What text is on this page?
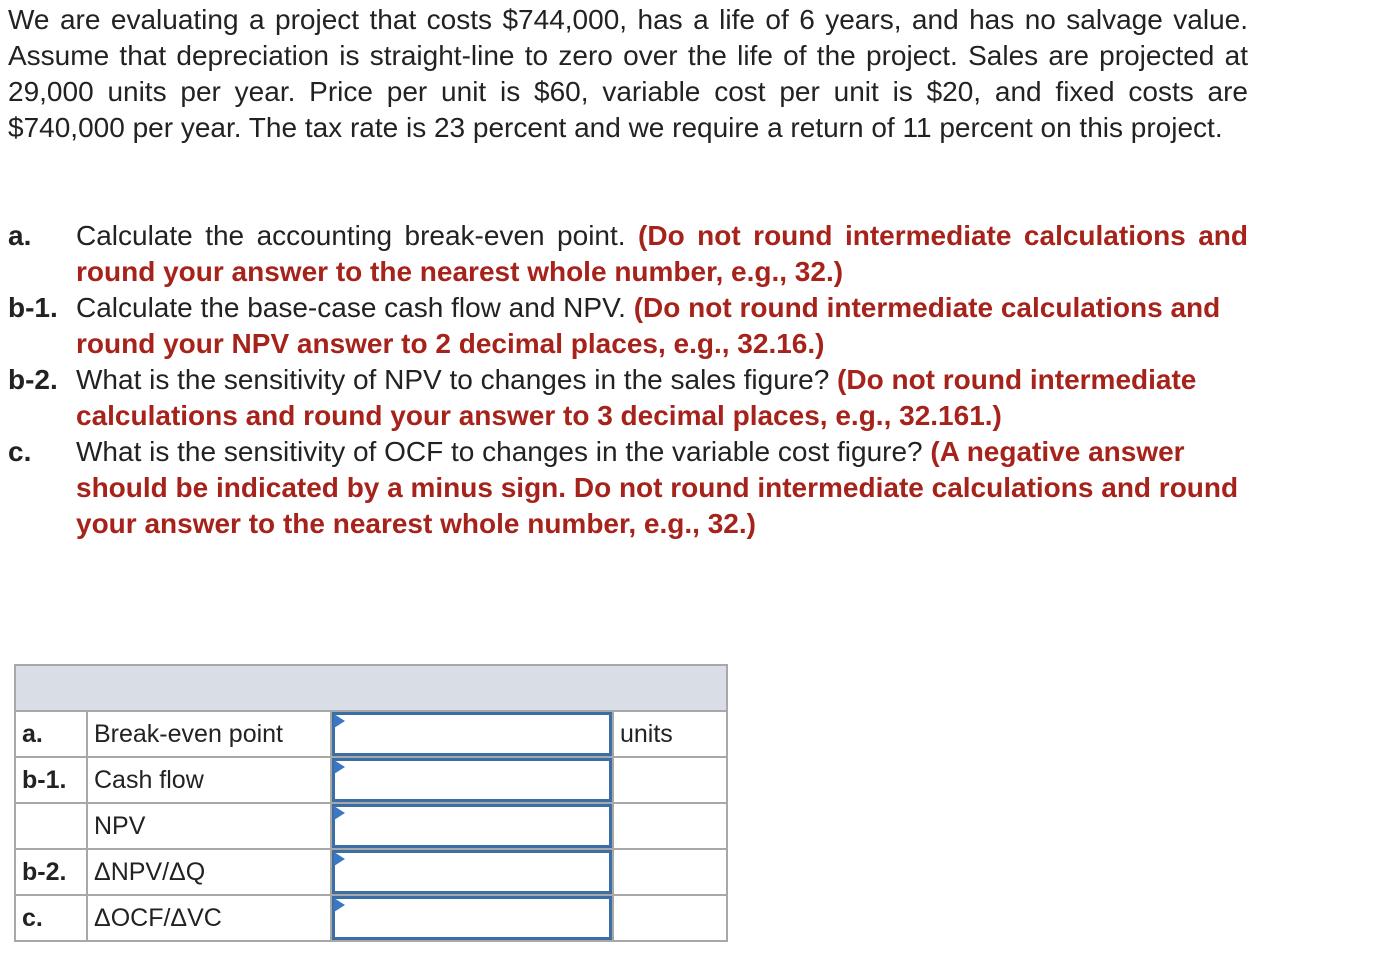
We are evaluating a project that costs $744,000, has a life of 6 years, and has no salvage value. Assume that depreciation is straight-line to zero over the life of the project. Sales are projected at 29,000 units per year. Price per unit is $60, variable cost per unit is $20, and fixed costs are $740,000 per year. The tax rate is 23 percent and we require a return of 11 percent on this project.

a.	Calculate the accounting break-even point. (Do not round intermediate calculations and round your answer to the nearest whole number, e.g., 32.)
b-1. Calculate the base-case cash flow and NPV. (Do not round intermediate calculations and round your NPV answer to 2 decimal places, e.g., 32.16.)
b-2. What is the sensitivity of NPV to changes in the sales figure? (Do not round intermediate calculations and round your answer to 3 decimal places, e.g., 32.161.)
c.	What is the sensitivity of OCF to changes in the variable cost figure? (A negative answer should be indicated by a minus sign. Do not round intermediate calculations and round your answer to the nearest whole number, e.g., 32.)

a.	Break-even point		units
b-1.	Cash flow	

	NPV	

b-2.	ΔNPV/ΔQ	

c.	ΔOCF/ΔVC	
